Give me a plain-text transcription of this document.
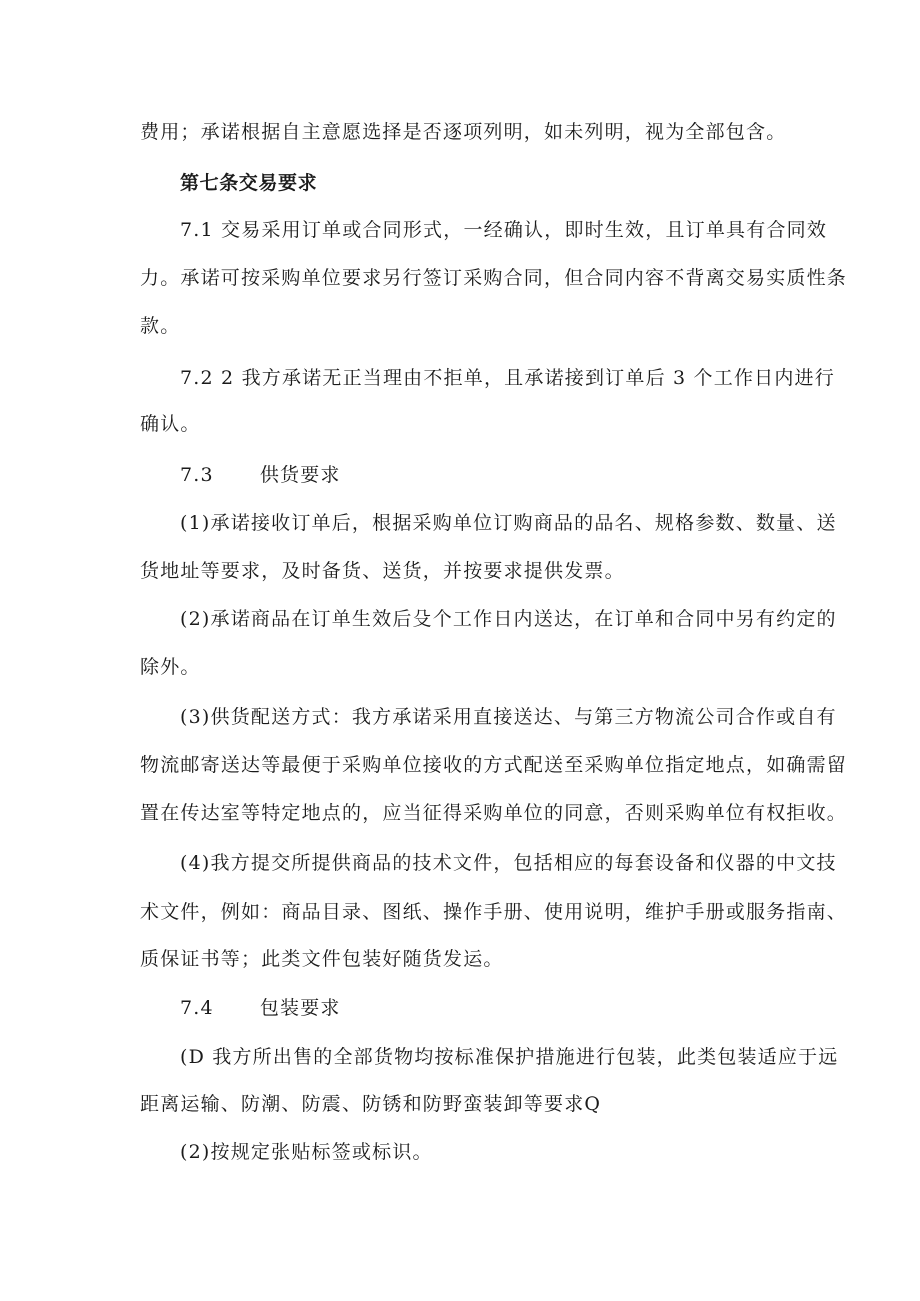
费用；承诺根据自主意愿选择是否逐项列明，如未列明，视为全部包含。
第七条交易要求
7.1 交易采用订单或合同形式，一经确认，即时生效，且订单具有合同效
力。承诺可按采购单位要求另行签订采购合同，但合同内容不背离交易实质性条
款。
7.2 2 我方承诺无正当理由不拒单，且承诺接到订单后 3 个工作日内进行
确认。
7.3 供货要求
(1)承诺接收订单后，根据采购单位订购商品的品名、规格参数、数量、送
货地址等要求，及时备货、送货，并按要求提供发票。
(2)承诺商品在订单生效后殳个工作日内送达，在订单和合同中另有约定的
除外。
(3)供货配送方式：我方承诺采用直接送达、与第三方物流公司合作或自有
物流邮寄送达等最便于采购单位接收的方式配送至采购单位指定地点，如确需留
置在传达室等特定地点的，应当征得采购单位的同意，否则采购单位有权拒收。
(4)我方提交所提供商品的技术文件，包括相应的每套设备和仪器的中文技
术文件，例如：商品目录、图纸、操作手册、使用说明，维护手册或服务指南、
质保证书等；此类文件包装好随货发运。
7.4 包装要求
(D 我方所出售的全部货物均按标准保护措施进行包装，此类包装适应于远
距离运输、防潮、防震、防锈和防野蛮装卸等要求Q
(2)按规定张贴标签或标识。
